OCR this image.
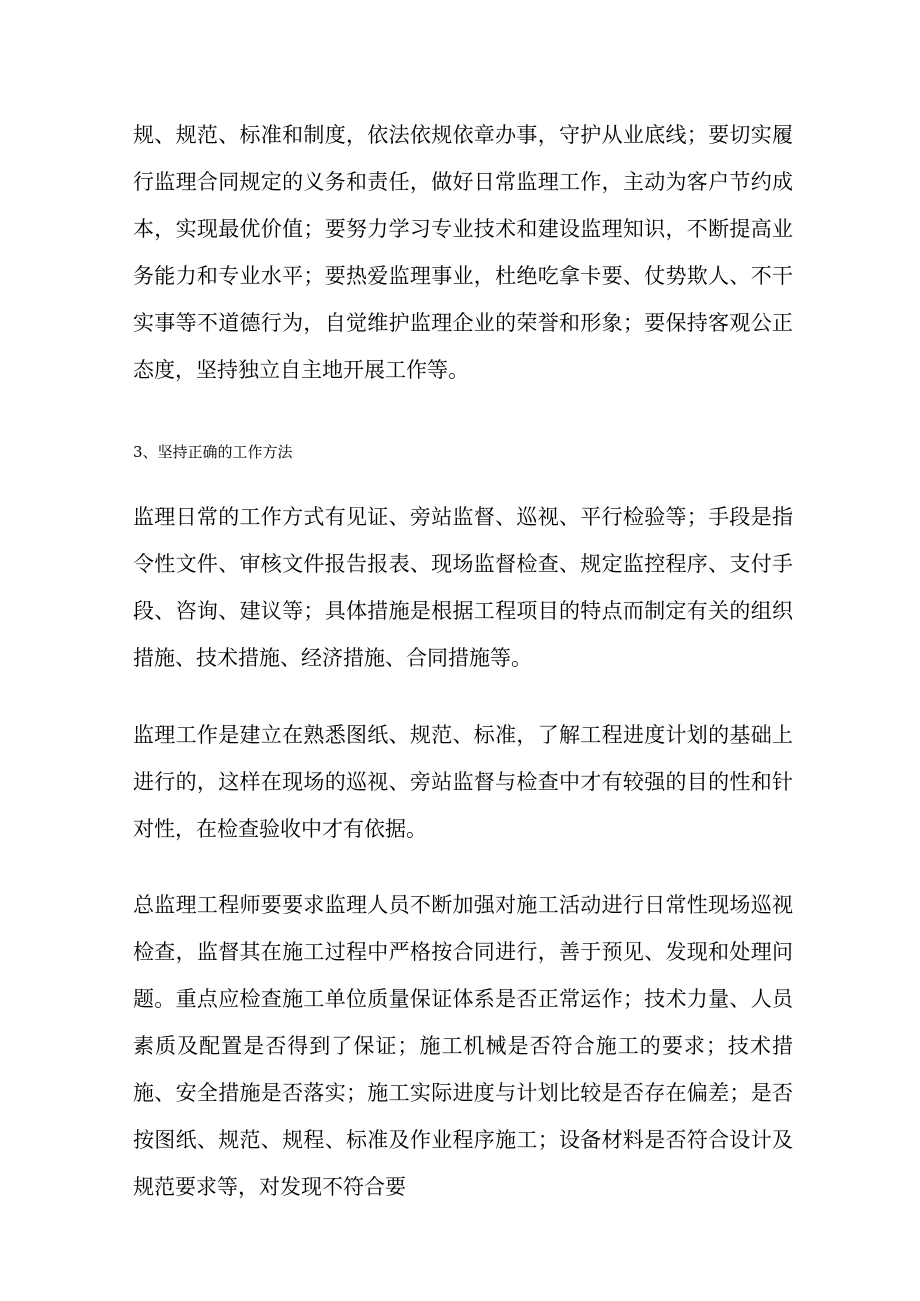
规、规范、标准和制度，依法依规依章办事，守护从业底线；要切实履行监理合同规定的义务和责任，做好日常监理工作，主动为客户节约成本，实现最优价值；要努力学习专业技术和建设监理知识，不断提高业务能力和专业水平；要热爱监理事业，杜绝吃拿卡要、仗势欺人、不干实事等不道德行为，自觉维护监理企业的荣誉和形象；要保持客观公正态度，坚持独立自主地开展工作等。

3、坚持正确的工作方法

监理日常的工作方式有见证、旁站监督、巡视、平行检验等；手段是指令性文件、审核文件报告报表、现场监督检查、规定监控程序、支付手段、咨询、建议等；具体措施是根据工程项目的特点而制定有关的组织措施、技术措施、经济措施、合同措施等。

监理工作是建立在熟悉图纸、规范、标准，了解工程进度计划的基础上进行的，这样在现场的巡视、旁站监督与检查中才有较强的目的性和针对性，在检查验收中才有依据。

总监理工程师要要求监理人员不断加强对施工活动进行日常性现场巡视检查，监督其在施工过程中严格按合同进行，善于预见、发现和处理问题。重点应检查施工单位质量保证体系是否正常运作；技术力量、人员素质及配置是否得到了保证；施工机械是否符合施工的要求；技术措施、安全措施是否落实；施工实际进度与计划比较是否存在偏差；是否按图纸、规范、规程、标准及作业程序施工；设备材料是否符合设计及规范要求等，对发现不符合要
